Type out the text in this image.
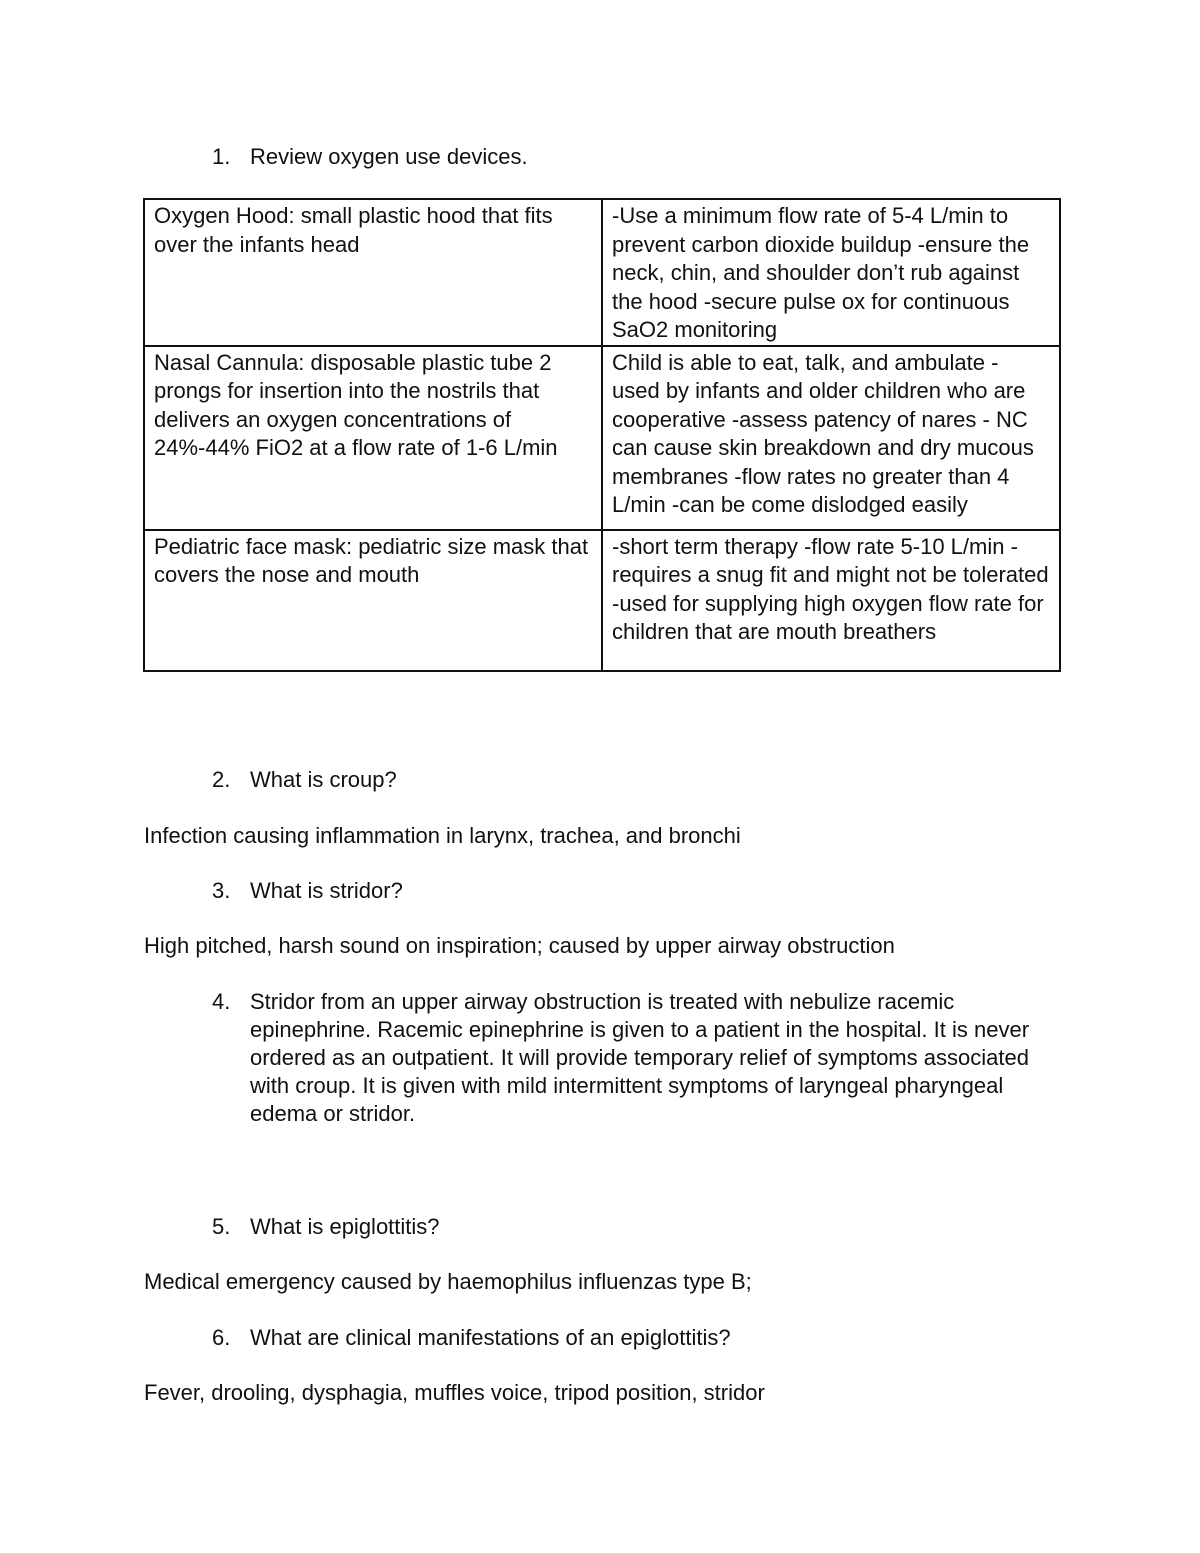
1. Review oxygen use devices.
Oxygen Hood: small plastic hood that fits over the infants head	-Use a minimum flow rate of 5-4 L/min to prevent carbon dioxide buildup -ensure the neck, chin, and shoulder don’t rub against the hood -secure pulse ox for continuous SaO2 monitoring
Nasal Cannula: disposable plastic tube 2 prongs for insertion into the nostrils that delivers an oxygen concentrations of 24%-44% FiO2 at a flow rate of 1-6 L/min	Child is able to eat, talk, and ambulate - used by infants and older children who are cooperative -assess patency of nares - NC can cause skin breakdown and dry mucous membranes -flow rates no greater than 4 L/min -can be come dislodged easily
Pediatric face mask: pediatric size mask that covers the nose and mouth	-short term therapy -flow rate 5-10 L/min -requires a snug fit and might not be tolerated -used for supplying high oxygen flow rate for children that are mouth breathers
2. What is croup?
Infection causing inflammation in larynx, trachea, and bronchi
3. What is stridor?
High pitched, harsh sound on inspiration; caused by upper airway obstruction
4. Stridor from an upper airway obstruction is treated with nebulize racemic epinephrine. Racemic epinephrine is given to a patient in the hospital. It is never ordered as an outpatient. It will provide temporary relief of symptoms associated with croup. It is given with mild intermittent symptoms of laryngeal pharyngeal edema or stridor.
5. What is epiglottitis?
Medical emergency caused by haemophilus influenzas type B;
6. What are clinical manifestations of an epiglottitis?
Fever, drooling, dysphagia, muffles voice, tripod position, stridor
